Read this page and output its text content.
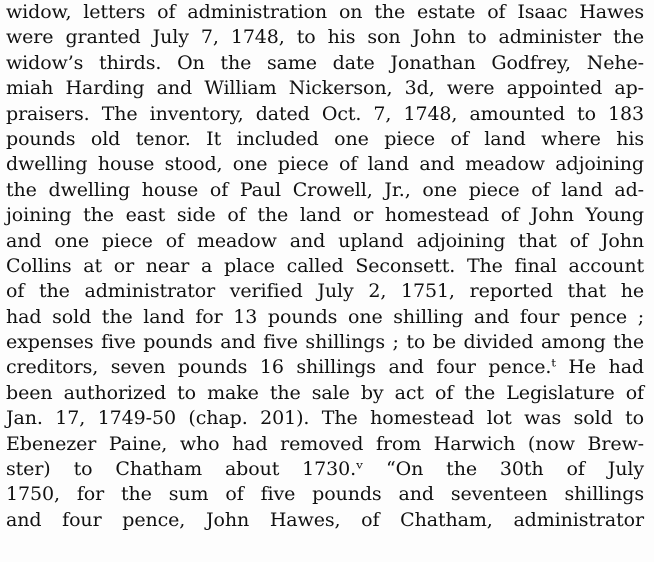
widow, letters of administration on the estate of Isaac Hawes
were granted July 7, 1748, to his son John to administer the
widow’s thirds. On the same date Jonathan Godfrey, Nehe-
miah Harding and William Nickerson, 3d, were appointed ap-
praisers. The inventory, dated Oct. 7, 1748, amounted to 183
pounds old tenor. It included one piece of land where his
dwelling house stood, one piece of land and meadow adjoining
the dwelling house of Paul Crowell, Jr., one piece of land ad-
joining the east side of the land or homestead of John Young
and one piece of meadow and upland adjoining that of John
Collins at or near a place called Seconsett. The final account
of the administrator verified July 2, 1751, reported that he
had sold the land for 13 pounds one shilling and four pence ;
expenses five pounds and five shillings ; to be divided among the
creditors, seven pounds 16 shillings and four pence.ᵗ He had
been authorized to make the sale by act of the Legislature of
Jan. 17, 1749-50 (chap. 201). The homestead lot was sold to
Ebenezer Paine, who had removed from Harwich (now Brew-
ster) to Chatham about 1730.ᵛ “On the 30th of July
1750, for the sum of five pounds and seventeen shillings
and four pence, John Hawes, of Chatham, administrator
